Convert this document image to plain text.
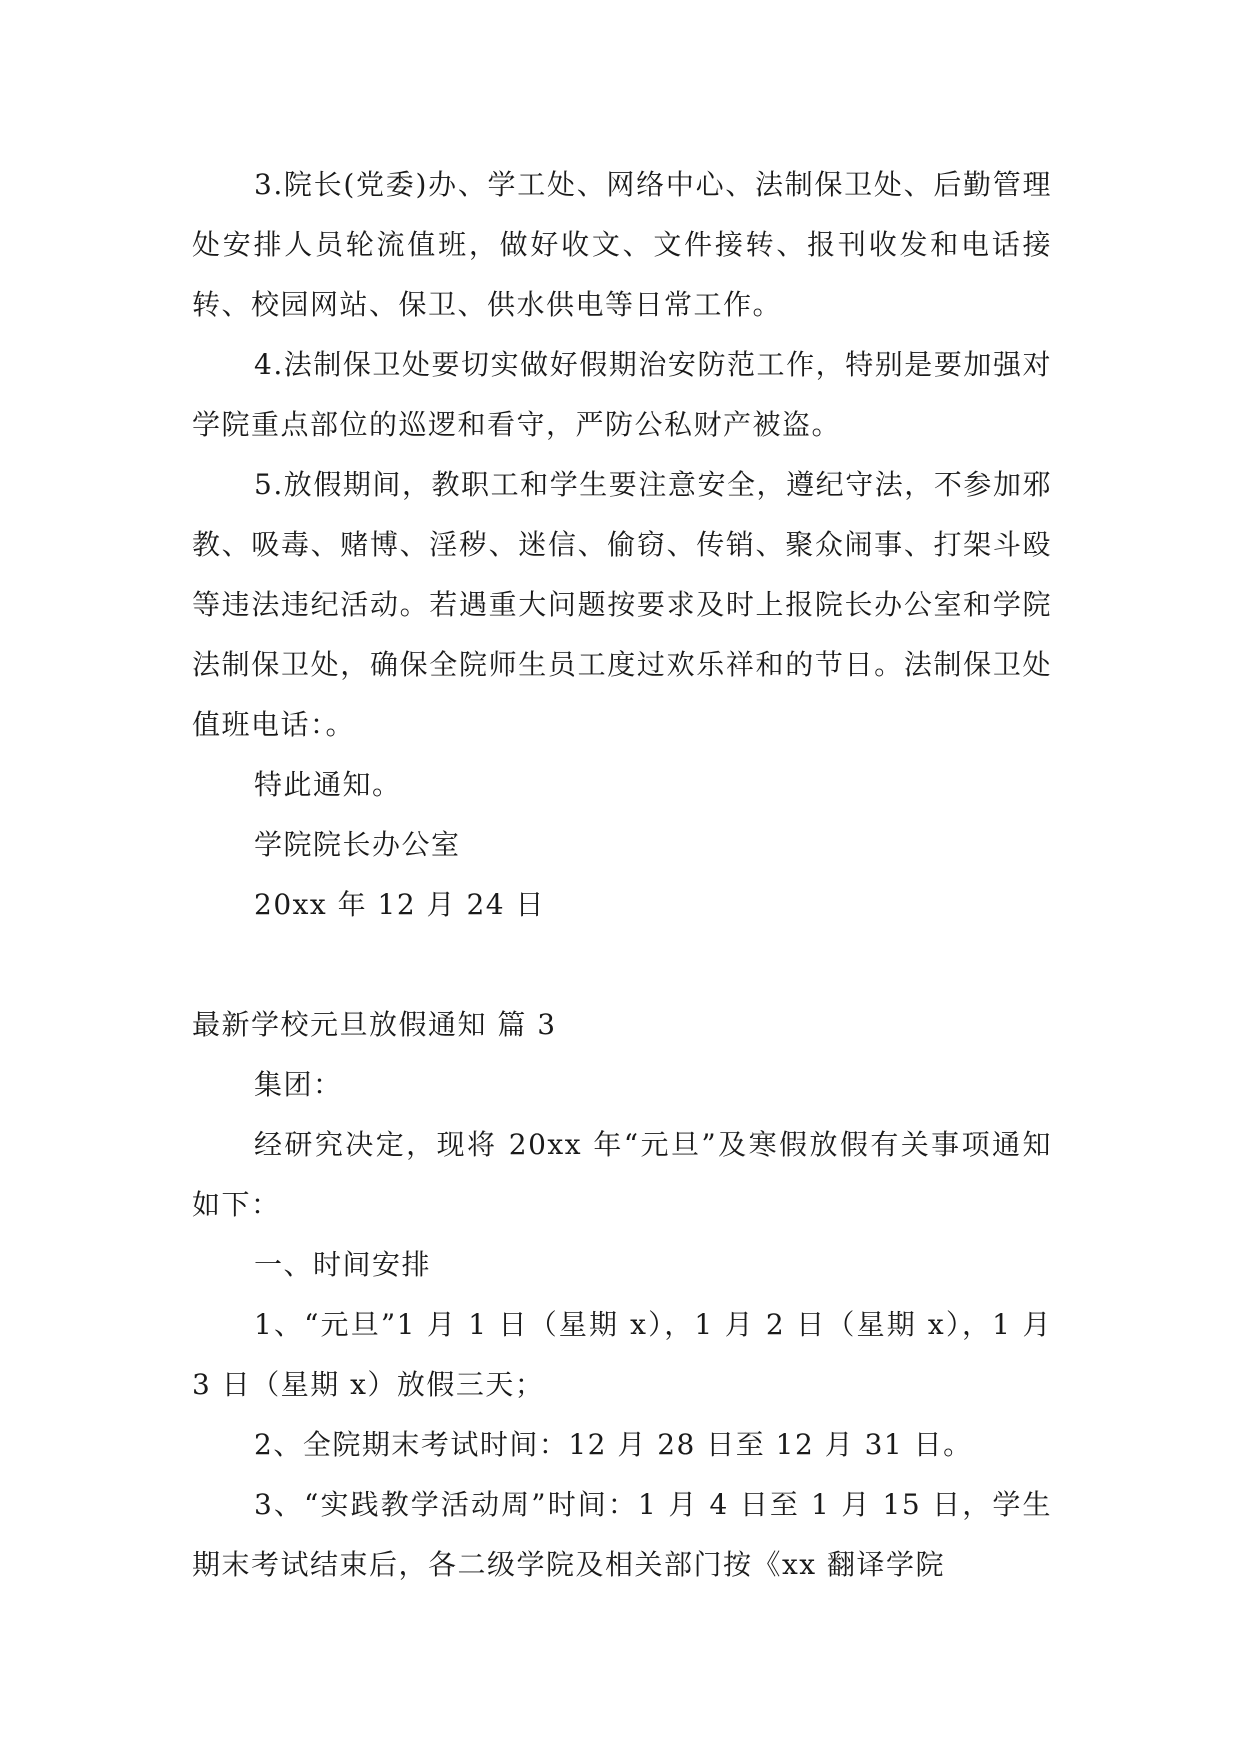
3.院长(党委)办、学工处、网络中心、法制保卫处、后勤管理处安排人员轮流值班，做好收文、文件接转、报刊收发和电话接转、校园网站、保卫、供水供电等日常工作。

4.法制保卫处要切实做好假期治安防范工作，特别是要加强对学院重点部位的巡逻和看守，严防公私财产被盗。

5.放假期间，教职工和学生要注意安全，遵纪守法，不参加邪教、吸毒、赌博、淫秽、迷信、偷窃、传销、聚众闹事、打架斗殴等违法违纪活动。若遇重大问题按要求及时上报院长办公室和学院法制保卫处，确保全院师生员工度过欢乐祥和的节日。法制保卫处值班电话：。

特此通知。

学院院长办公室

20xx 年 12 月 24 日

最新学校元旦放假通知 篇 3

集团：

经研究决定，现将 20xx 年“元旦”及寒假放假有关事项通知如下：

一、时间安排

1、“元旦”1 月 1 日（星期 x），1 月 2 日（星期 x），1 月 3 日（星期 x）放假三天；

2、全院期末考试时间：12 月 28 日至 12 月 31 日。

3、“实践教学活动周”时间：1 月 4 日至 1 月 15 日，学生期末考试结束后，各二级学院及相关部门按《xx 翻译学院
